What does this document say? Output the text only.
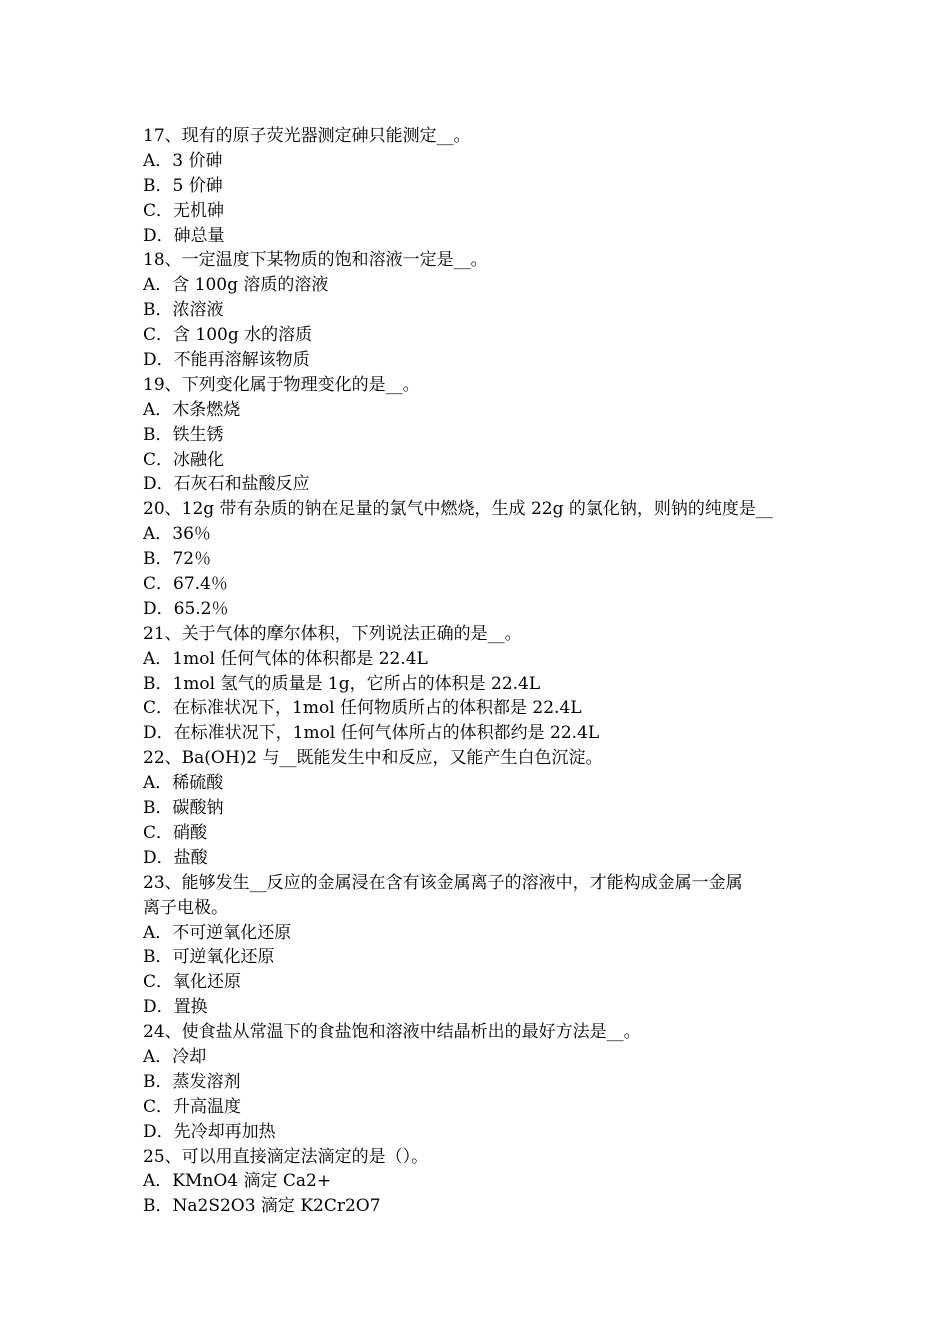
17、现有的原子荧光器测定砷只能测定__。
A．3 价砷
B．5 价砷
C．无机砷
D．砷总量
18、一定温度下某物质的饱和溶液一定是__。
A．含 100g 溶质的溶液
B．浓溶液
C．含 100g 水的溶质
D．不能再溶解该物质
19、下列变化属于物理变化的是__。
A．木条燃烧
B．铁生锈
C．冰融化
D．石灰石和盐酸反应
20、12g 带有杂质的钠在足量的氯气中燃烧，生成 22g 的氯化钠，则钠的纯度是__
A．36％
B．72％
C．67.4％
D．65.2％
21、关于气体的摩尔体积，下列说法正确的是__。
A．1mol 任何气体的体积都是 22.4L
B．1mol 氢气的质量是 1g，它所占的体积是 22.4L
C．在标准状况下，1mol 任何物质所占的体积都是 22.4L
D．在标准状况下，1mol 任何气体所占的体积都约是 22.4L
22、Ba(OH)2 与__既能发生中和反应，又能产生白色沉淀。
A．稀硫酸
B．碳酸钠
C．硝酸
D．盐酸
23、能够发生__反应的金属浸在含有该金属离子的溶液中，才能构成金属一金属
离子电极。
A．不可逆氧化还原
B．可逆氧化还原
C．氧化还原
D．置换
24、使食盐从常温下的食盐饱和溶液中结晶析出的最好方法是__。
A．冷却
B．蒸发溶剂
C．升高温度
D．先冷却再加热
25、可以用直接滴定法滴定的是（）。
A．KMnO4 滴定 Ca2+
B．Na2S2O3 滴定 K2Cr2O7
